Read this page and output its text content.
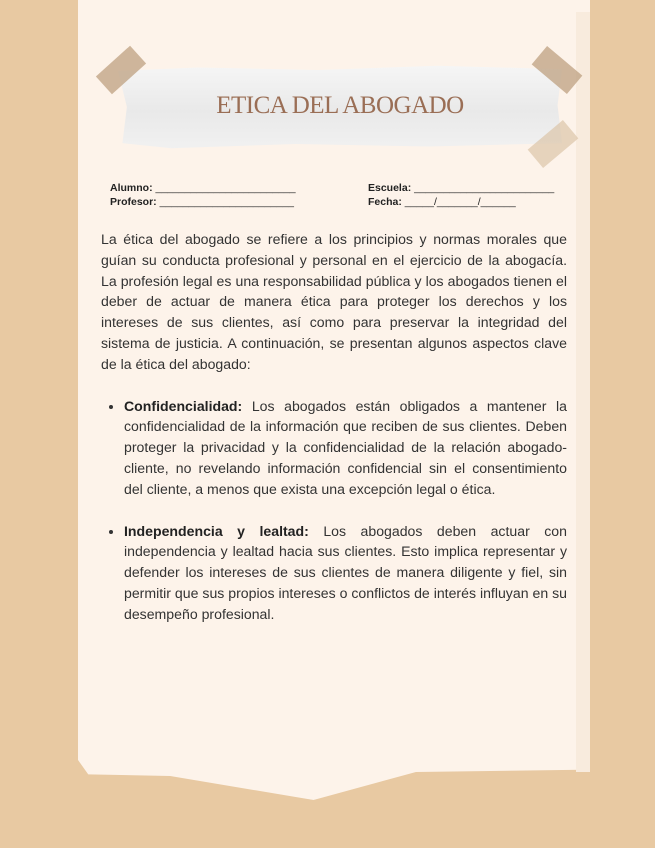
ETICA DEL ABOGADO
Alumno: ________________________
Profesor: _______________________
Escuela: ________________________
Fecha: _____/_______/______

La ética del abogado se refiere a los principios y normas morales que guían su conducta profesional y personal en el ejercicio de la abogacía. La profesión legal es una responsabilidad pública y los abogados tienen el deber de actuar de manera ética para proteger los derechos y los intereses de sus clientes, así como para preservar la integridad del sistema de justicia. A continuación, se presentan algunos aspectos clave de la ética del abogado:

• Confidencialidad: Los abogados están obligados a mantener la confidencialidad de la información que reciben de sus clientes. Deben proteger la privacidad y la confidencialidad de la relación abogado-cliente, no revelando información confidencial sin el consentimiento del cliente, a menos que exista una excepción legal o ética.
• Independencia y lealtad: Los abogados deben actuar con independencia y lealtad hacia sus clientes. Esto implica representar y defender los intereses de sus clientes de manera diligente y fiel, sin permitir que sus propios intereses o conflictos de interés influyan en su desempeño profesional.
